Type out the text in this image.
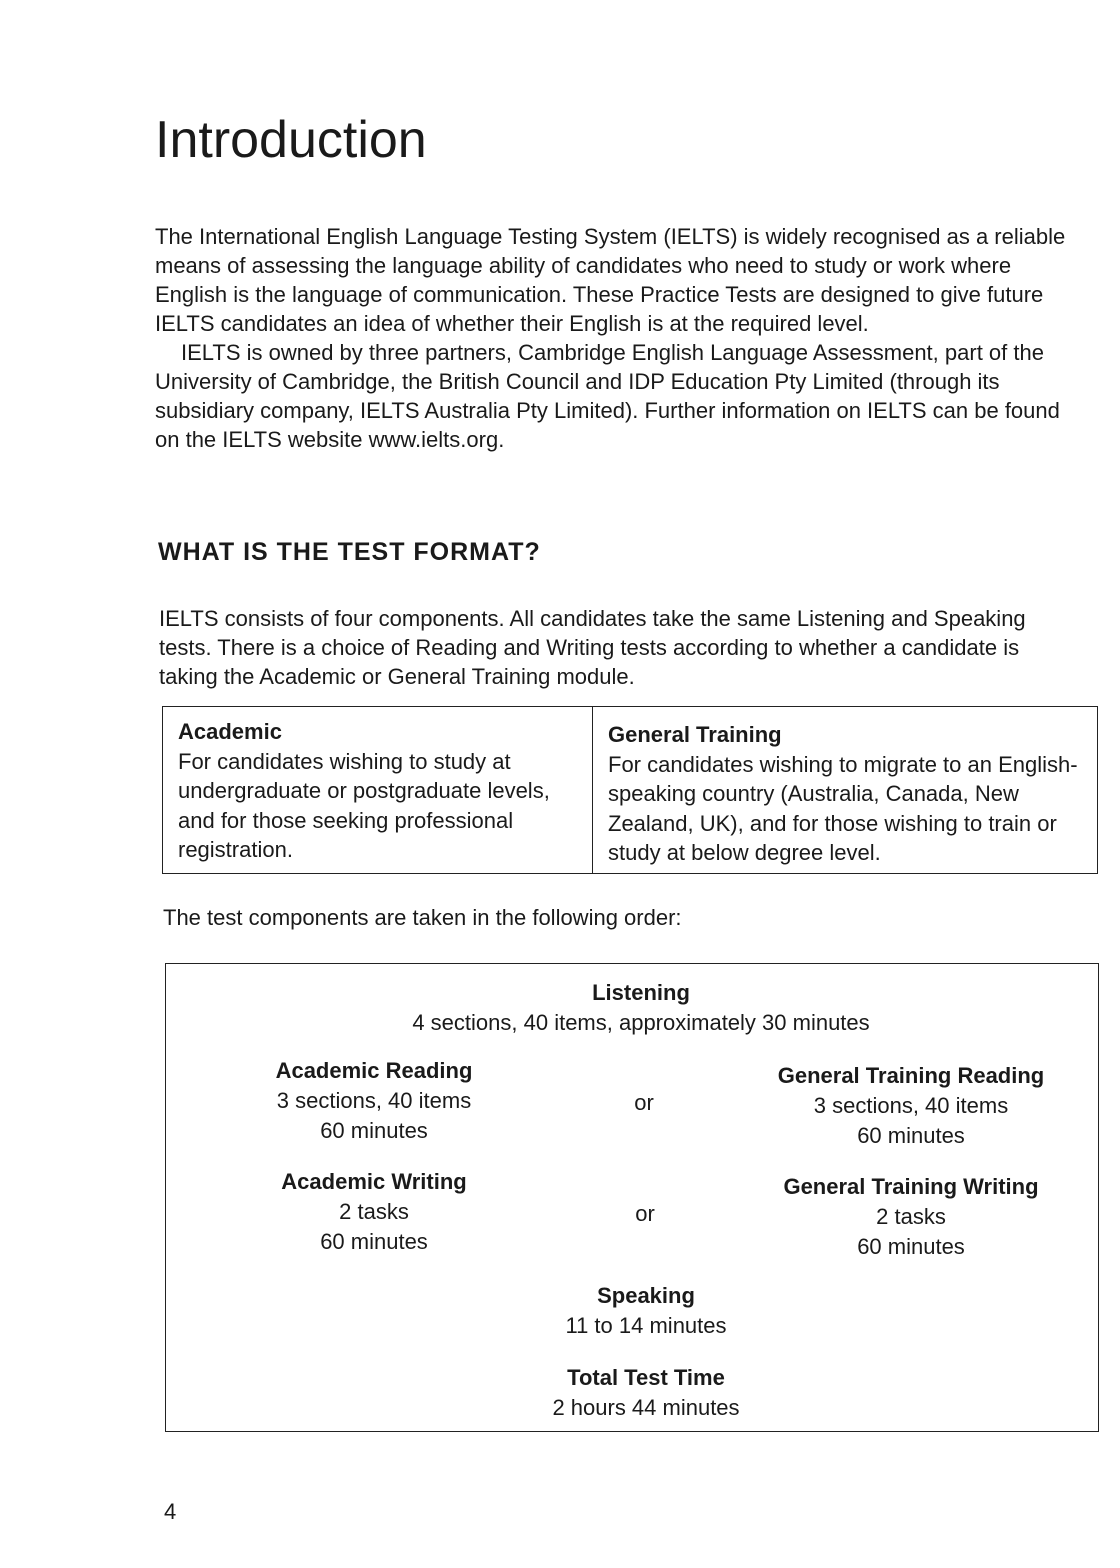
Introduction

The International English Language Testing System (IELTS) is widely recognised as a reliable means of assessing the language ability of candidates who need to study or work where English is the language of communication. These Practice Tests are designed to give future IELTS candidates an idea of whether their English is at the required level.

IELTS is owned by three partners, Cambridge English Language Assessment, part of the University of Cambridge, the British Council and IDP Education Pty Limited (through its subsidiary company, IELTS Australia Pty Limited). Further information on IELTS can be found on the IELTS website www.ielts.org.

WHAT IS THE TEST FORMAT?

IELTS consists of four components. All candidates take the same Listening and Speaking tests. There is a choice of Reading and Writing tests according to whether a candidate is taking the Academic or General Training module.

Academic
For candidates wishing to study at undergraduate or postgraduate levels, and for those seeking professional registration.
General Training
For candidates wishing to migrate to an English-speaking country (Australia, Canada, New Zealand, UK), and for those wishing to train or study at below degree level.

The test components are taken in the following order:

Listening
4 sections, 40 items, approximately 30 minutes
Academic Reading
3 sections, 40 items
60 minutes
or
General Training Reading
3 sections, 40 items
60 minutes
Academic Writing
2 tasks
60 minutes
or
General Training Writing
2 tasks
60 minutes
Speaking
11 to 14 minutes
Total Test Time
2 hours 44 minutes
4
